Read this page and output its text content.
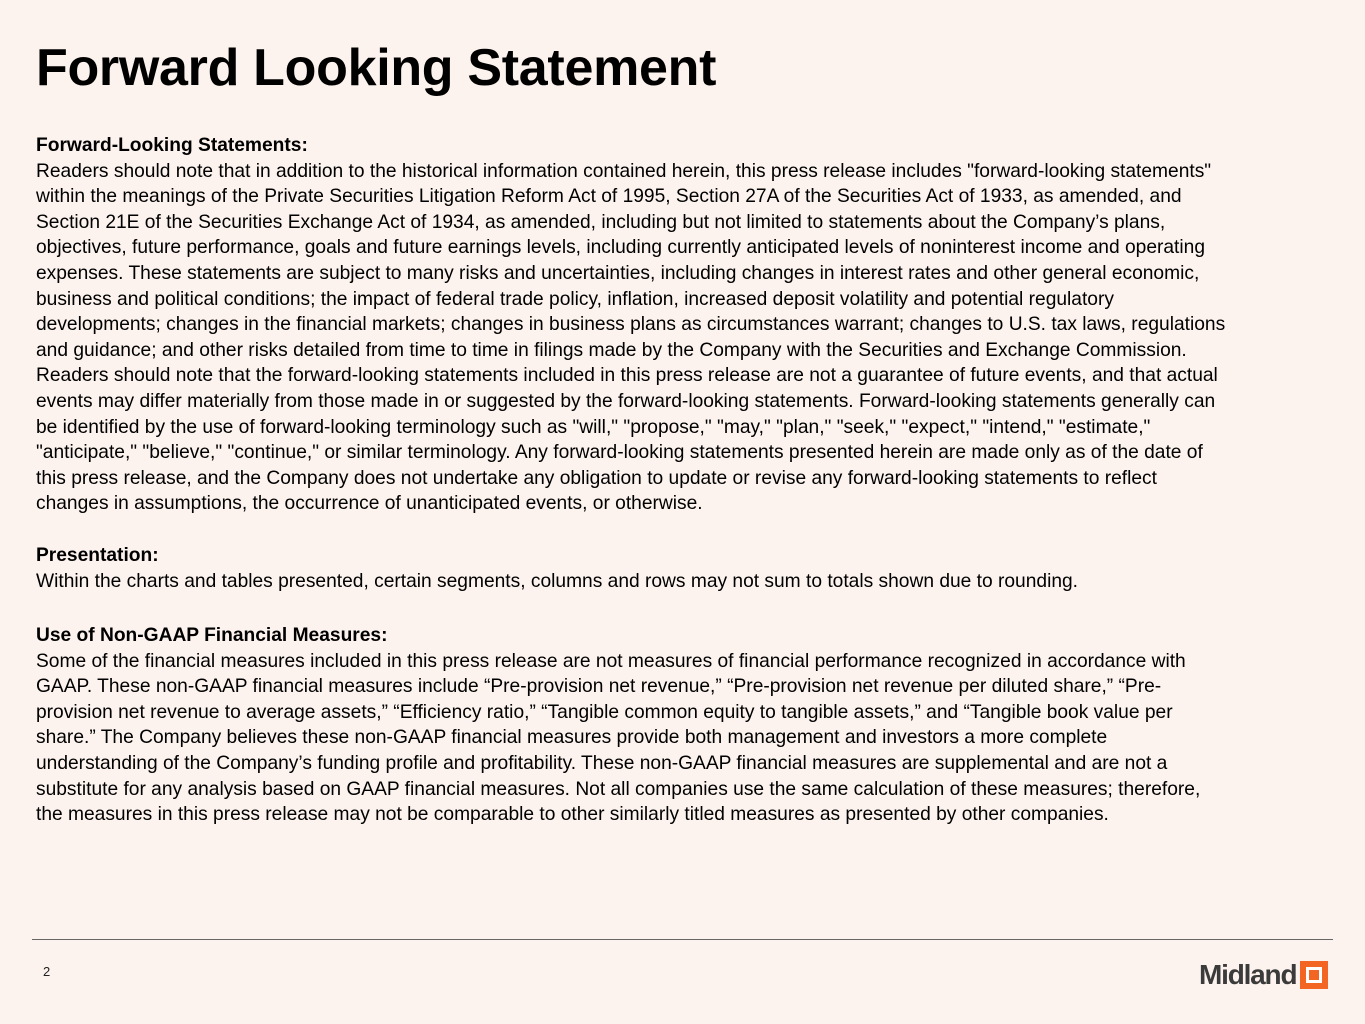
Forward Looking Statement

Forward-Looking Statements:

Readers should note that in addition to the historical information contained herein, this press release includes "forward-looking statements" within the meanings of the Private Securities Litigation Reform Act of 1995, Section 27A of the Securities Act of 1933, as amended, and Section 21E of the Securities Exchange Act of 1934, as amended, including but not limited to statements about the Company’s plans, objectives, future performance, goals and future earnings levels, including currently anticipated levels of noninterest income and operating expenses. These statements are subject to many risks and uncertainties, including changes in interest rates and other general economic, business and political conditions; the impact of federal trade policy, inflation, increased deposit volatility and potential regulatory developments; changes in the financial markets; changes in business plans as circumstances warrant; changes to U.S. tax laws, regulations and guidance; and other risks detailed from time to time in filings made by the Company with the Securities and Exchange Commission. Readers should note that the forward-looking statements included in this press release are not a guarantee of future events, and that actual events may differ materially from those made in or suggested by the forward-looking statements. Forward-looking statements generally can be identified by the use of forward-looking terminology such as "will," "propose," "may," "plan," "seek," "expect," "intend," "estimate," "anticipate," "believe," "continue," or similar terminology. Any forward-looking statements presented herein are made only as of the date of this press release, and the Company does not undertake any obligation to update or revise any forward-looking statements to reflect changes in assumptions, the occurrence of unanticipated events, or otherwise.

Presentation:

Within the charts and tables presented, certain segments, columns and rows may not sum to totals shown due to rounding.

Use of Non-GAAP Financial Measures:

Some of the financial measures included in this press release are not measures of financial performance recognized in accordance with GAAP. These non-GAAP financial measures include “Pre-provision net revenue,” “Pre-provision net revenue per diluted share,” “Pre-provision net revenue to average assets,” “Efficiency ratio,” “Tangible common equity to tangible assets,” and “Tangible book value per share.” The Company believes these non-GAAP financial measures provide both management and investors a more complete understanding of the Company’s funding profile and profitability. These non-GAAP financial measures are supplemental and are not a substitute for any analysis based on GAAP financial measures. Not all companies use the same calculation of these measures; therefore, the measures in this press release may not be comparable to other similarly titled measures as presented by other companies.

2	Midland
